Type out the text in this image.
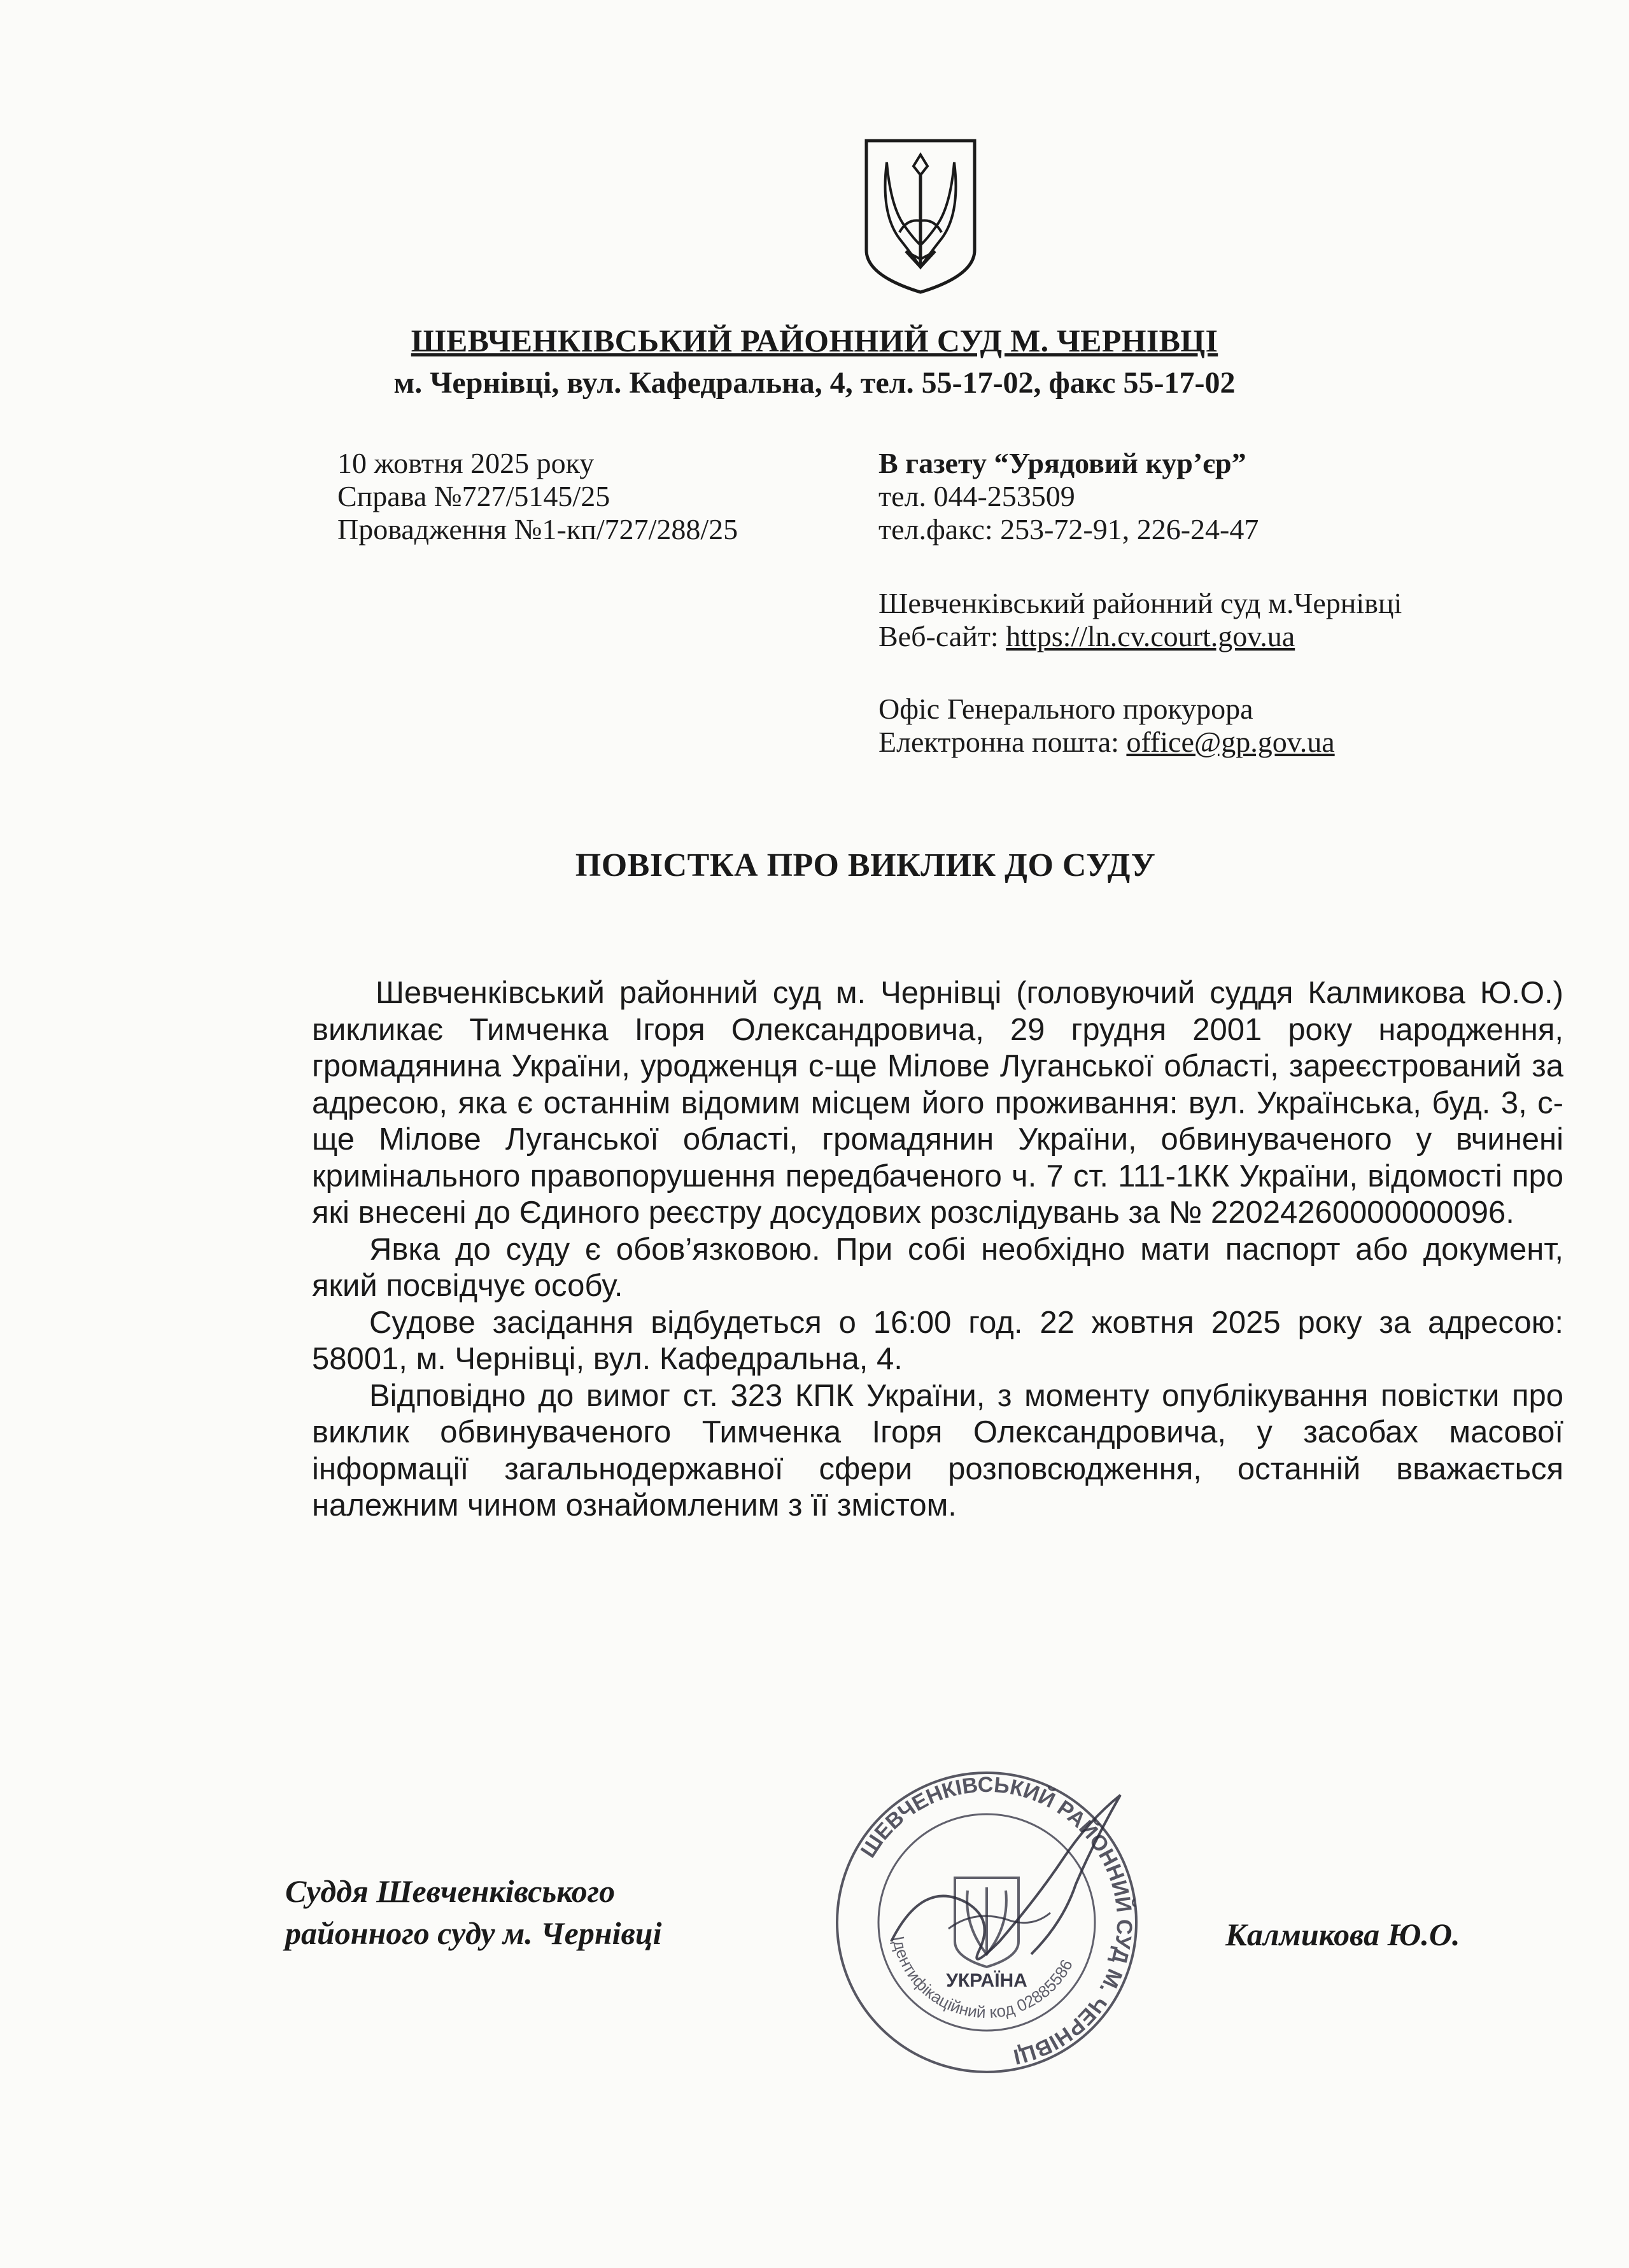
ШЕВЧЕНКІВСЬКИЙ РАЙОННИЙ СУД М. ЧЕРНІВЦІ
м. Чернівці, вул. Кафедральна, 4, тел. 55-17-02, факс 55-17-02
10 жовтня 2025 року
Справа №727/5145/25
Провадження №1-кп/727/288/25
В газету “Урядовий кур’єр”
тел. 044-253509
тел.факс: 253-72-91, 226-24-47
Шевченківський районний суд м.Чернівці
Веб-сайт: https://ln.cv.court.gov.ua
Офіс Генерального прокурора
Електронна пошта: office@gp.gov.ua
ПОВІСТКА ПРО ВИКЛИК ДО СУДУ

Шевченківський районний суд м. Чернівці (головуючий суддя Калмикова Ю.О.) викликає Тимченка Ігоря Олександровича, 29 грудня 2001 року народження, громадянина України, уродженця с-ще Мілове Луганської області, зареєстрований за адресою, яка є останнім відомим місцем його проживання: вул. Українська, буд. 3, с-ще Мілове Луганської області, громадянин України, обвинуваченого у вчинені кримінального правопорушення передбаченого ч. 7 ст. 111-1КК України, відомості про які внесені до Єдиного реєстру досудових розслідувань за № 22024260000000096.

Явка до суду є обов’язковою. При собі необхідно мати паспорт або документ, який посвідчує особу.

Судове засідання відбудеться о 16:00 год. 22 жовтня 2025 року за адресою: 58001, м. Чернівці, вул. Кафедральна, 4.

Відповідно до вимог ст. 323 КПК України, з моменту опублікування повістки про виклик обвинуваченого Тимченка Ігоря Олександровича, у засобах масової інформації загальнодержавної сфери розповсюдження, останній вважається належним чином ознайомленим з її змістом.

Суддя Шевченківського
районного суду м. Чернівці
ШЕВЧЕНКІВСЬКИЙ РАЙОННИЙ СУД М. ЧЕРНІВЦІ
Ідентифікаційний код 02885586
УКРАЇНА
Калмикова Ю.О.
